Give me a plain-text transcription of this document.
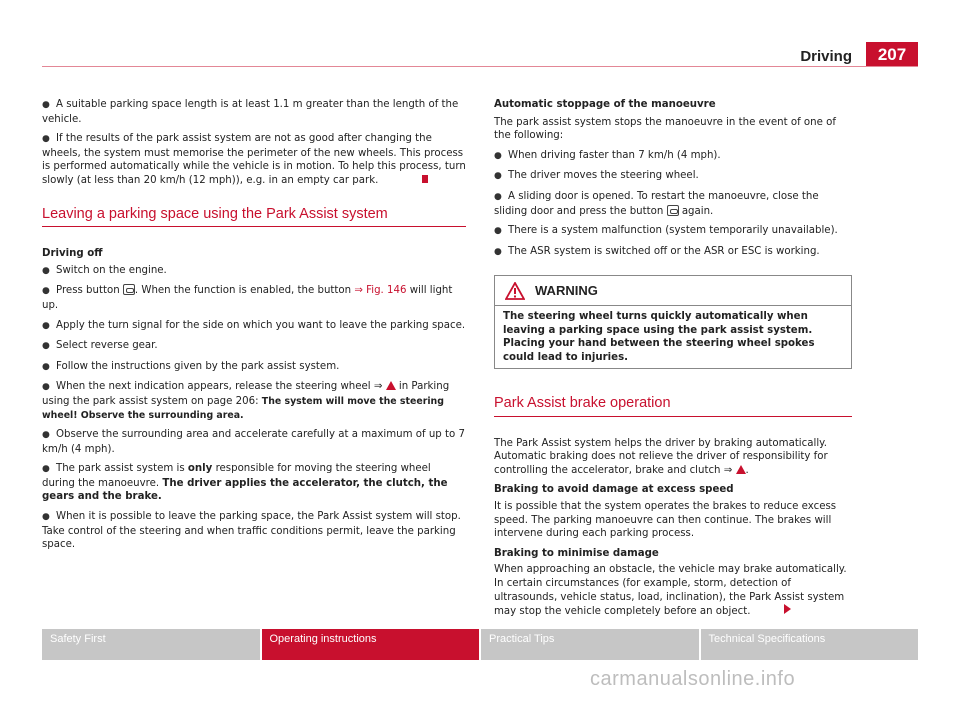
Driving	207

● A suitable parking space length is at least 1.1 m greater than the length of the vehicle.

● If the results of the park assist system are not as good after changing the wheels, the system must memorise the perimeter of the new wheels. This process is performed automatically while the vehicle is in motion. To help this process, turn slowly (at less than 20 km/h (12 mph)), e.g. in an empty car park.

Leaving a parking space using the Park Assist system

Driving off

● Switch on the engine.

● Press button . When the function is enabled, the button ⇒ Fig. 146 will light up.

● Apply the turn signal for the side on which you want to leave the parking space.

● Select reverse gear.

● Follow the instructions given by the park assist system.

● When the next indication appears, release the steering wheel ⇒ in Parking using the park assist system on page 206: The system will move the steering wheel! Observe the surrounding area.

● Observe the surrounding area and accelerate carefully at a maximum of up to 7 km/h (4 mph).

● The park assist system is only responsible for moving the steering wheel during the manoeuvre. The driver applies the accelerator, the clutch, the gears and the brake.

● When it is possible to leave the parking space, the Park Assist system will stop. Take control of the steering and when traffic conditions permit, leave the parking space.

Automatic stoppage of the manoeuvre

The park assist system stops the manoeuvre in the event of one of the following:

● When driving faster than 7 km/h (4 mph).

● The driver moves the steering wheel.

● A sliding door is opened. To restart the manoeuvre, close the sliding door and press the button again.

● There is a system malfunction (system temporarily unavailable).

● The ASR system is switched off or the ASR or ESC is working.

WARNING
The steering wheel turns quickly automatically when leaving a parking space using the park assist system. Placing your hand between the steering wheel spokes could lead to injuries.
Park Assist brake operation

The Park Assist system helps the driver by braking automatically. Automatic braking does not relieve the driver of responsibility for controlling the accelerator, brake and clutch ⇒ .

Braking to avoid damage at excess speed

It is possible that the system operates the brakes to reduce excess speed. The parking manoeuvre can then continue. The brakes will intervene during each parking process.

Braking to minimise damage

When approaching an obstacle, the vehicle may brake automatically. In certain circumstances (for example, storm, detection of ultrasounds, vehicle status, load, inclination), the Park Assist system may stop the vehicle completely before an object.

Safety First	Operating instructions	Practical Tips	Technical Specifications
carmanualsonline.info
